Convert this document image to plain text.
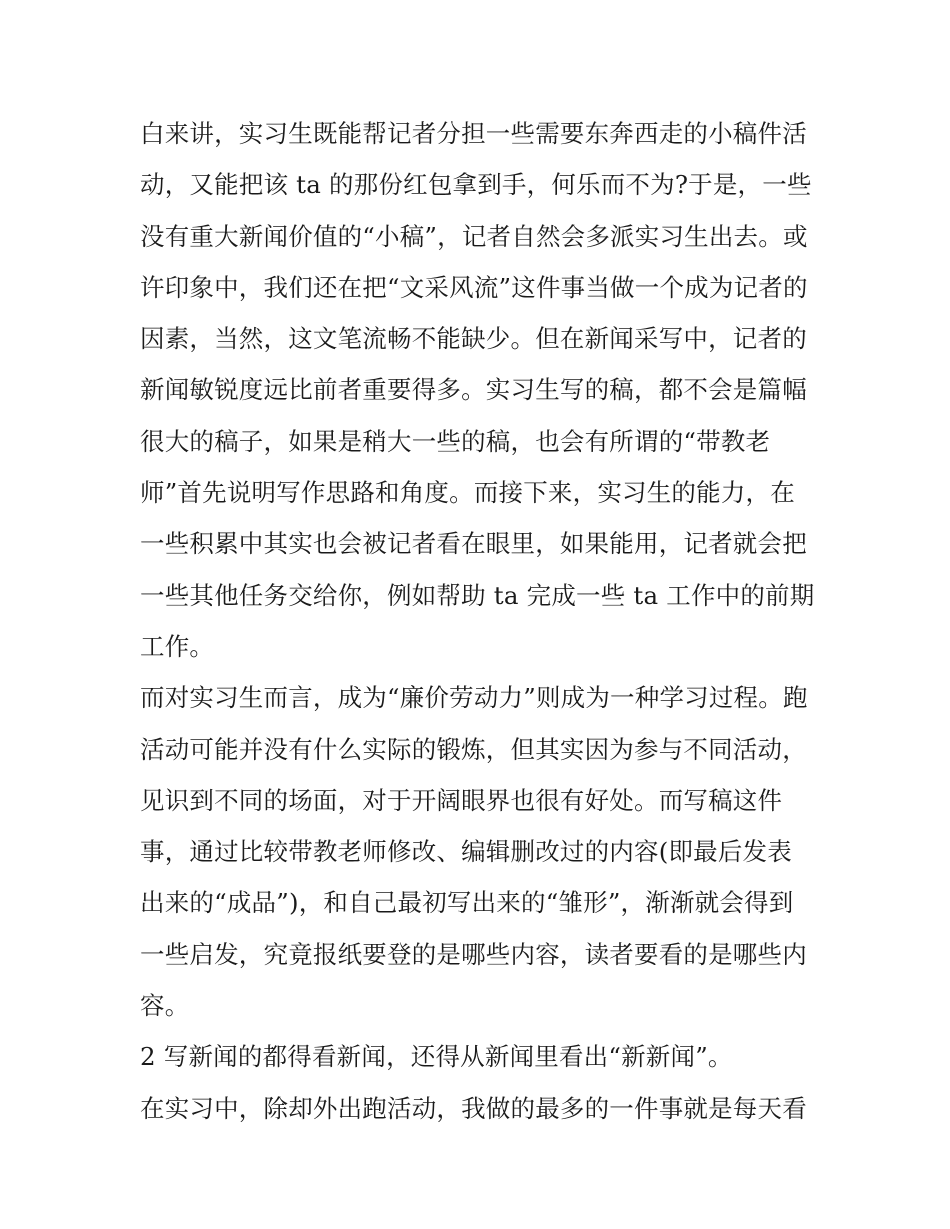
白来讲，实习生既能帮记者分担一些需要东奔西走的小稿件活
动，又能把该 ta 的那份红包拿到手，何乐而不为?于是，一些
没有重大新闻价值的“小稿”，记者自然会多派实习生出去。或
许印象中，我们还在把“文采风流”这件事当做一个成为记者的
因素，当然，这文笔流畅不能缺少。但在新闻采写中，记者的
新闻敏锐度远比前者重要得多。实习生写的稿，都不会是篇幅
很大的稿子，如果是稍大一些的稿，也会有所谓的“带教老
师”首先说明写作思路和角度。而接下来，实习生的能力，在
一些积累中其实也会被记者看在眼里，如果能用，记者就会把
一些其他任务交给你，例如帮助 ta 完成一些 ta 工作中的前期
工作。
而对实习生而言，成为“廉价劳动力”则成为一种学习过程。跑
活动可能并没有什么实际的锻炼，但其实因为参与不同活动，
见识到不同的场面，对于开阔眼界也很有好处。而写稿这件
事，通过比较带教老师修改、编辑删改过的内容(即最后发表
出来的“成品”)，和自己最初写出来的“雏形”，渐渐就会得到
一些启发，究竟报纸要登的是哪些内容，读者要看的是哪些内
容。
2 写新闻的都得看新闻，还得从新闻里看出“新新闻”。
在实习中，除却外出跑活动，我做的最多的一件事就是每天看
